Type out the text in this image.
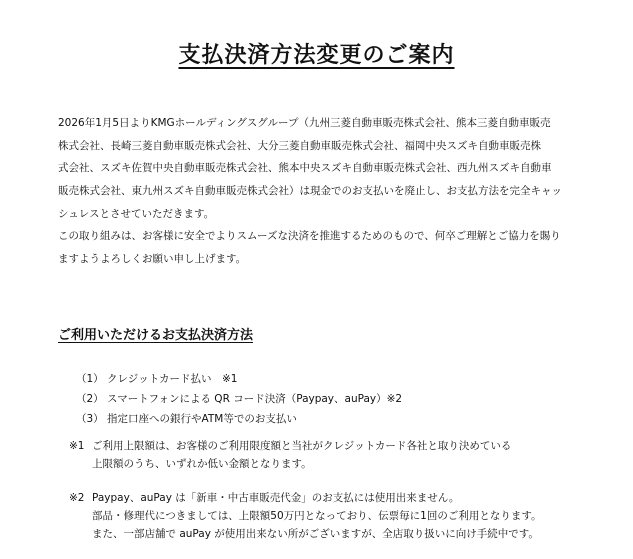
支払決済方法変更のご案内
2026年1月5日よりKMGホールディングスグループ（九州三菱自動車販売株式会社、熊本三菱自動車販売
株式会社、長崎三菱自動車販売株式会社、大分三菱自動車販売株式会社、福岡中央スズキ自動車販売株
式会社、スズキ佐賀中央自動車販売株式会社、熊本中央スズキ自動車販売株式会社、西九州スズキ自動車
販売株式会社、東九州スズキ自動車販売株式会社）は現金でのお支払いを廃止し、お支払方法を完全キャッ
シュレスとさせていただきます。
この取り組みは、お客様に安全でよりスムーズな決済を推進するためのもので、何卒ご理解とご協力を賜り
ますようよろしくお願い申し上げます。
ご利用いただけるお支払決済方法
（1） クレジットカード払い　※1
（2） スマートフォンによる QR コード決済（Paypay、auPay）※2
（3） 指定口座への銀行やATM等でのお支払い
※1 ご利用上限額は、お客様のご利用限度額と当社がクレジットカード各社と取り決めている
上限額のうち、いずれか低い金額となります。
※2 Paypay、auPay は「新車・中古車販売代金」のお支払には使用出来ません。
部品・修理代につきましては、上限額50万円となっており、伝票毎に1回のご利用となります。
また、一部店舗で auPay が使用出来ない所がございますが、全店取り扱いに向け手続中です。
